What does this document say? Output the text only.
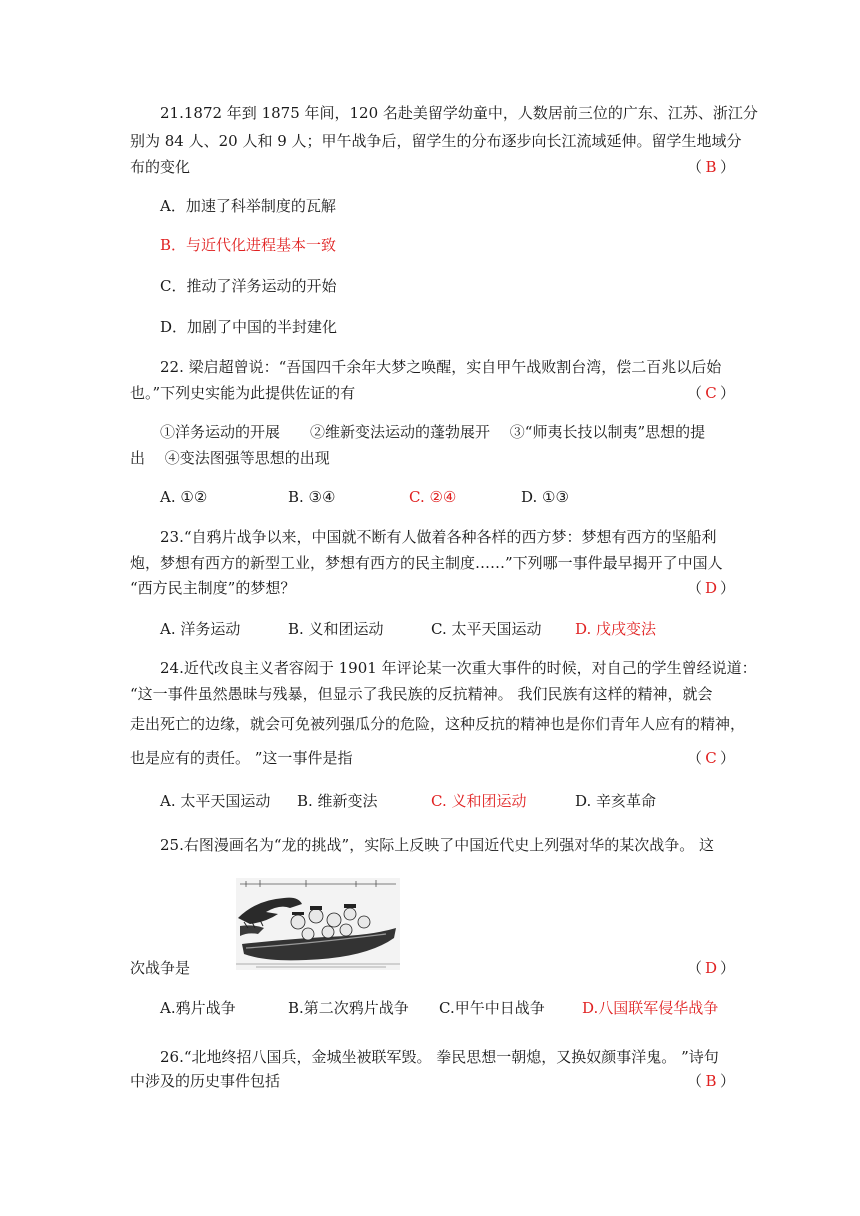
21.1872 年到 1875 年间，120 名赴美留学幼童中，人数居前三位的广东、江苏、浙江分
别为 84 人、20 人和 9 人；甲午战争后，留学生的分布逐步向长江流域延伸。留学生地域分
布的变化	（ B ）
A．加速了科举制度的瓦解
B．与近代化进程基本一致
C．推动了洋务运动的开始
D．加剧了中国的半封建化
22. 梁启超曾说：“吾国四千余年大梦之唤醒，实自甲午战败割台湾，偿二百兆以后始
也。”下列史实能为此提供佐证的有	（ C ）
①洋务运动的开展　　②维新变法运动的蓬勃展开　 ③“师夷长技以制夷”思想的提
出　 ④变法图强等思想的出现
A. ①②	B. ③④	C. ②④	D. ①③
23.“自鸦片战争以来，中国就不断有人做着各种各样的西方梦：梦想有西方的坚船利
炮，梦想有西方的新型工业，梦想有西方的民主制度……”下列哪一事件最早揭开了中国人
“西方民主制度”的梦想？	（ D ）
A. 洋务运动	B. 义和团运动	C. 太平天国运动 D. 戊戌变法
24.近代改良主义者容闳于 1901 年评论某一次重大事件的时候，对自己的学生曾经说道：
“这一事件虽然愚昧与残暴，但显示了我民族的反抗精神。 我们民族有这样的精神，就会
走出死亡的边缘，就会可免被列强瓜分的危险，这种反抗的精神也是你们青年人应有的精神，
也是应有的责任。 ”这一事件是指	（ C ）
A. 太平天国运动 B. 维新变法	C. 义和团运动	D. 辛亥革命
25.右图漫画名为“龙的挑战”，实际上反映了中国近代史上列强对华的某次战争。 这
次战争是	（ D ）
A.鸦片战争	B.第二次鸦片战争 C.甲午中日战争 D.八国联军侵华战争
26.“北地终招八国兵，金城坐被联军毁。 拳民思想一朝熄，又换奴颜事洋鬼。 ”诗句
中涉及的历史事件包括	（ B ）
